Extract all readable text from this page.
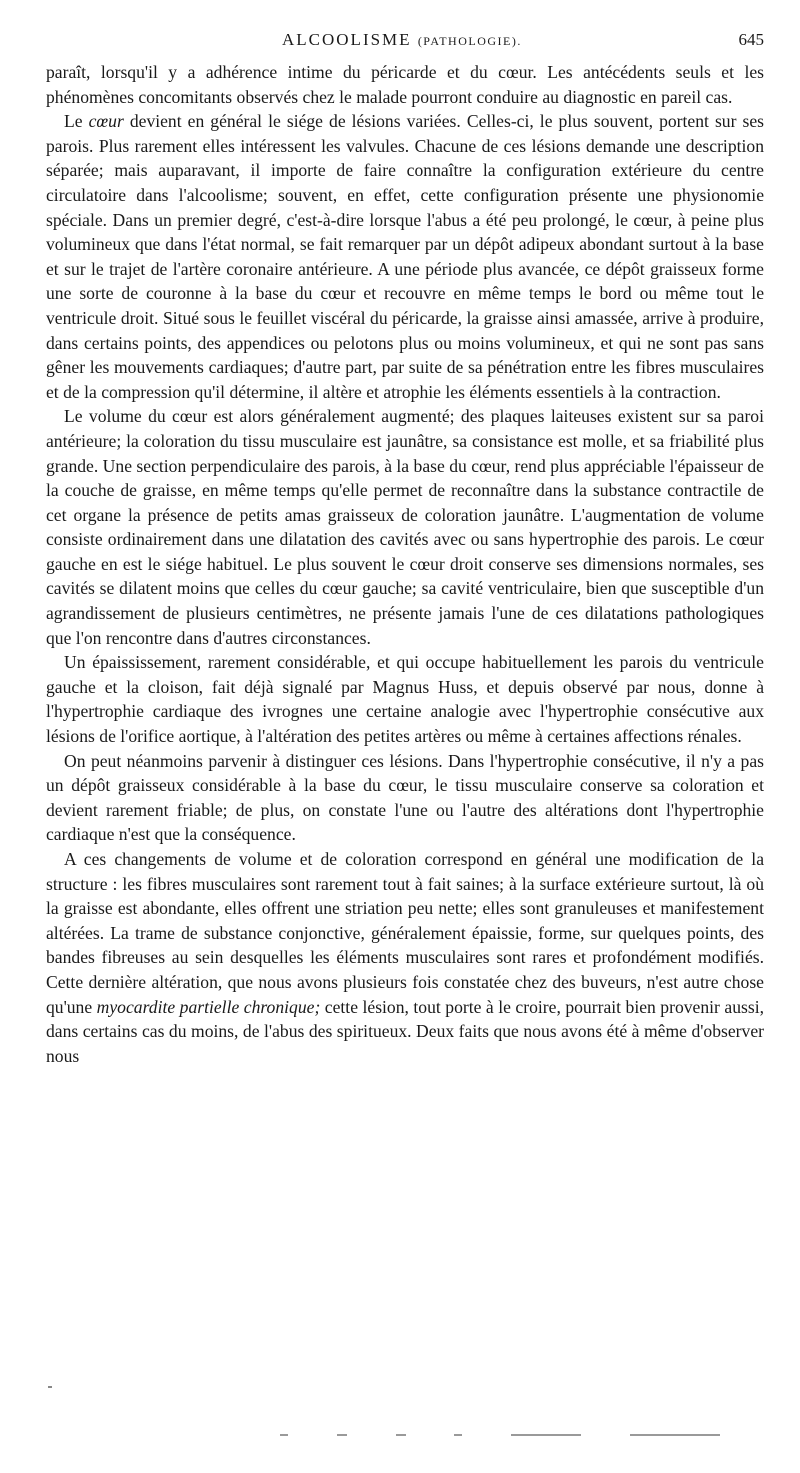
ALCOOLISME (PATHOLOGIE).	645

paraît, lorsqu'il y a adhérence intime du péricarde et du cœur. Les antécédents seuls et les phénomènes concomitants observés chez le malade pourront conduire au diagnostic en pareil cas.

Le cœur devient en général le siége de lésions variées. Celles-ci, le plus souvent, portent sur ses parois. Plus rarement elles intéressent les valvules. Chacune de ces lésions demande une description séparée; mais auparavant, il importe de faire connaître la configuration extérieure du centre circulatoire dans l'alcoolisme; souvent, en effet, cette configuration présente une physionomie spéciale. Dans un premier degré, c'est-à-dire lorsque l'abus a été peu prolongé, le cœur, à peine plus volumineux que dans l'état normal, se fait remarquer par un dépôt adipeux abondant surtout à la base et sur le trajet de l'artère coronaire antérieure. A une période plus avancée, ce dépôt graisseux forme une sorte de couronne à la base du cœur et recouvre en même temps le bord ou même tout le ventricule droit. Situé sous le feuillet viscéral du péricarde, la graisse ainsi amassée, arrive à produire, dans certains points, des appendices ou pelotons plus ou moins volumineux, et qui ne sont pas sans gêner les mouvements cardiaques; d'autre part, par suite de sa pénétration entre les fibres musculaires et de la compression qu'il détermine, il altère et atrophie les éléments essentiels à la contraction.

Le volume du cœur est alors généralement augmenté; des plaques laiteuses existent sur sa paroi antérieure; la coloration du tissu musculaire est jaunâtre, sa consistance est molle, et sa friabilité plus grande. Une section perpendiculaire des parois, à la base du cœur, rend plus appréciable l'épaisseur de la couche de graisse, en même temps qu'elle permet de reconnaître dans la substance contractile de cet organe la présence de petits amas graisseux de coloration jaunâtre. L'augmentation de volume consiste ordinairement dans une dilatation des cavités avec ou sans hypertrophie des parois. Le cœur gauche en est le siége habituel. Le plus souvent le cœur droit conserve ses dimensions normales, ses cavités se dilatent moins que celles du cœur gauche; sa cavité ventriculaire, bien que susceptible d'un agrandissement de plusieurs centimètres, ne présente jamais l'une de ces dilatations pathologiques que l'on rencontre dans d'autres circonstances.

Un épaississement, rarement considérable, et qui occupe habituellement les parois du ventricule gauche et la cloison, fait déjà signalé par Magnus Huss, et depuis observé par nous, donne à l'hypertrophie cardiaque des ivrognes une certaine analogie avec l'hypertrophie consécutive aux lésions de l'orifice aortique, à l'altération des petites artères ou même à certaines affections rénales.

On peut néanmoins parvenir à distinguer ces lésions. Dans l'hypertrophie consécutive, il n'y a pas un dépôt graisseux considérable à la base du cœur, le tissu musculaire conserve sa coloration et devient rarement friable; de plus, on constate l'une ou l'autre des altérations dont l'hypertrophie cardiaque n'est que la conséquence.

A ces changements de volume et de coloration correspond en général une modification de la structure : les fibres musculaires sont rarement tout à fait saines; à la surface extérieure surtout, là où la graisse est abondante, elles offrent une striation peu nette; elles sont granuleuses et manifestement altérées. La trame de substance conjonctive, généralement épaissie, forme, sur quelques points, des bandes fibreuses au sein desquelles les éléments musculaires sont rares et profondément modifiés. Cette dernière altération, que nous avons plusieurs fois constatée chez des buveurs, n'est autre chose qu'une myocardite partielle chronique; cette lésion, tout porte à le croire, pourrait bien provenir aussi, dans certains cas du moins, de l'abus des spiritueux. Deux faits que nous avons été à même d'observer nous
